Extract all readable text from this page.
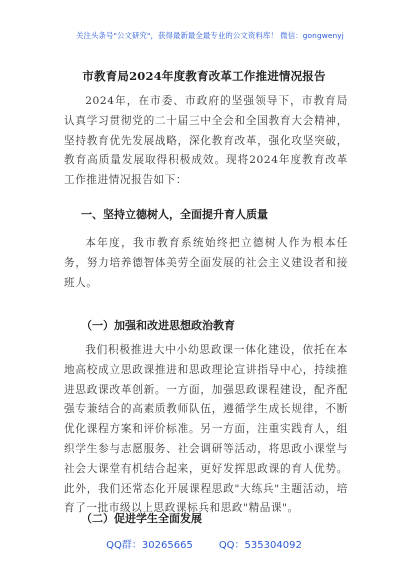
关注头条号"公文研究"，获得最新最全最专业的公文资料库！ 微信：gongwenyj
市教育局2024年度教育改革工作推进情况报告
2024年，在市委、市政府的坚强领导下，市教育局认真学习贯彻党的二十届三中全会和全国教育大会精神，坚持教育优先发展战略，深化教育改革，强化攻坚突破，教育高质量发展取得积极成效。现将2024年度教育改革工作推进情况报告如下：
一、坚持立德树人，全面提升育人质量
本年度，我市教育系统始终把立德树人作为根本任务，努力培养德智体美劳全面发展的社会主义建设者和接班人。
（一）加强和改进思想政治教育
我们积极推进大中小幼思政课一体化建设，依托在本地高校成立思政课推进和思政理论宣讲指导中心，持续推进思政课改革创新。一方面，加强思政课程建设，配齐配强专兼结合的高素质教师队伍，遵循学生成长规律，不断优化课程方案和评价标准。另一方面，注重实践育人，组织学生参与志愿服务、社会调研等活动，将思政小课堂与社会大课堂有机结合起来，更好发挥思政课的育人优势。此外，我们还常态化开展课程思政"大练兵"主题活动，培育了一批市级以上思政课标兵和思政"精品课"。
（二）促进学生全面发展
QQ群：30265665	QQ：535304092
